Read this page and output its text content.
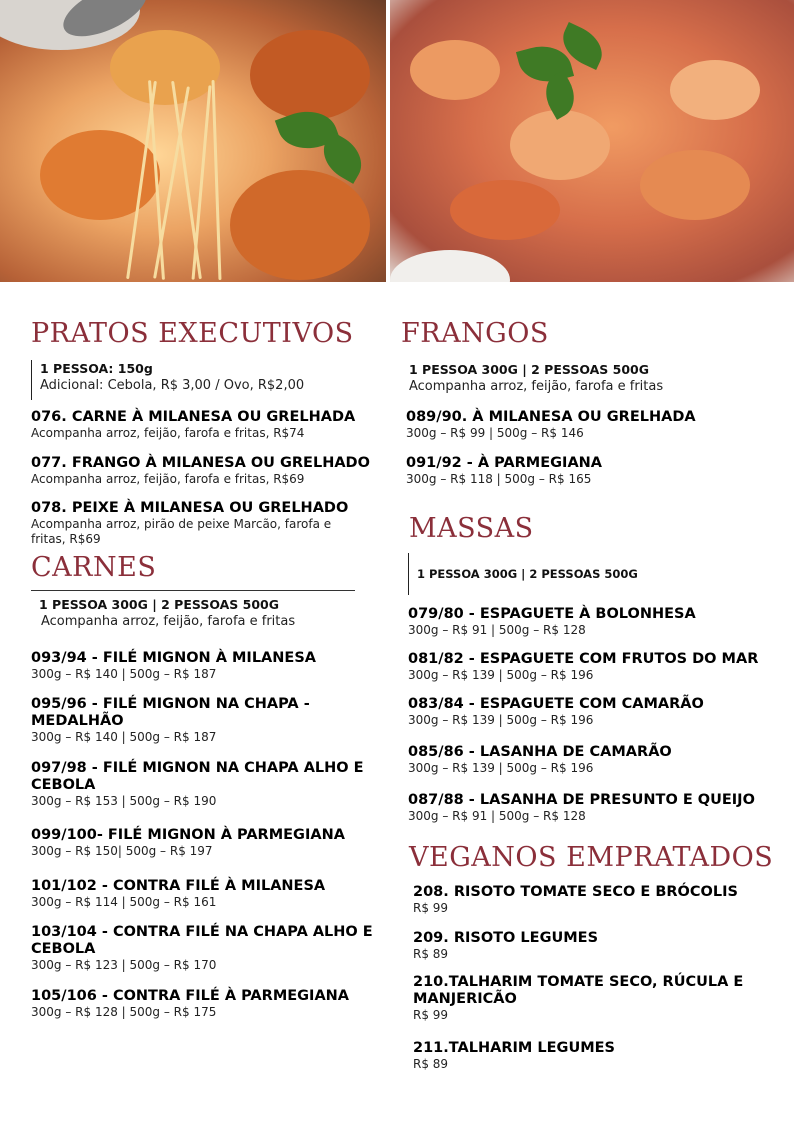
PRATOS EXECUTIVOS
1 PESSOA: 150g
Adicional: Cebola, R$ 3,00 / Ovo, R$2,00
076. CARNE À MILANESA OU GRELHADA
Acompanha arroz, feijão, farofa e fritas, R$74
077. FRANGO À MILANESA OU GRELHADO
Acompanha arroz, feijão, farofa e fritas, R$69
078. PEIXE À MILANESA OU GRELHADO
Acompanha arroz, pirão de peixe Marcão, farofa e fritas, R$69
CARNES
1 PESSOA 300G | 2 PESSOAS 500G
Acompanha arroz, feijão, farofa e fritas
093/94 - FILÉ MIGNON À MILANESA
300g – R$ 140 | 500g – R$ 187
095/96 - FILÉ MIGNON NA CHAPA - MEDALHÃO
300g – R$ 140 | 500g – R$ 187
097/98 - FILÉ MIGNON NA CHAPA ALHO E CEBOLA
300g – R$ 153 | 500g – R$ 190
099/100- FILÉ MIGNON À PARMEGIANA
300g – R$ 150| 500g – R$ 197
101/102 - CONTRA FILÉ À MILANESA
300g – R$ 114 | 500g – R$ 161
103/104 - CONTRA FILÉ NA CHAPA ALHO E CEBOLA
300g – R$ 123 | 500g – R$ 170
105/106 - CONTRA FILÉ À PARMEGIANA
300g – R$ 128 | 500g – R$ 175
FRANGOS
1 PESSOA 300G | 2 PESSOAS 500G
Acompanha arroz, feijão, farofa e fritas
089/90. À MILANESA OU GRELHADA
300g – R$ 99 | 500g – R$ 146
091/92 - À PARMEGIANA
300g – R$ 118 | 500g – R$ 165
MASSAS
1 PESSOA 300G | 2 PESSOAS 500G
079/80 - ESPAGUETE À BOLONHESA
300g – R$ 91 | 500g – R$ 128
081/82 - ESPAGUETE COM FRUTOS DO MAR
300g – R$ 139 | 500g – R$ 196
083/84 - ESPAGUETE COM CAMARÃO
300g – R$ 139 | 500g – R$ 196
085/86 - LASANHA DE CAMARÃO
300g – R$ 139 | 500g – R$ 196
087/88 - LASANHA DE PRESUNTO E QUEIJO
300g – R$ 91 | 500g – R$ 128
VEGANOS EMPRATADOS
208. RISOTO TOMATE SECO E BRÓCOLIS
R$ 99
209. RISOTO LEGUMES
R$ 89
210.TALHARIM TOMATE SECO, RÚCULA E MANJERICÃO
R$ 99
211.TALHARIM LEGUMES
R$ 89
